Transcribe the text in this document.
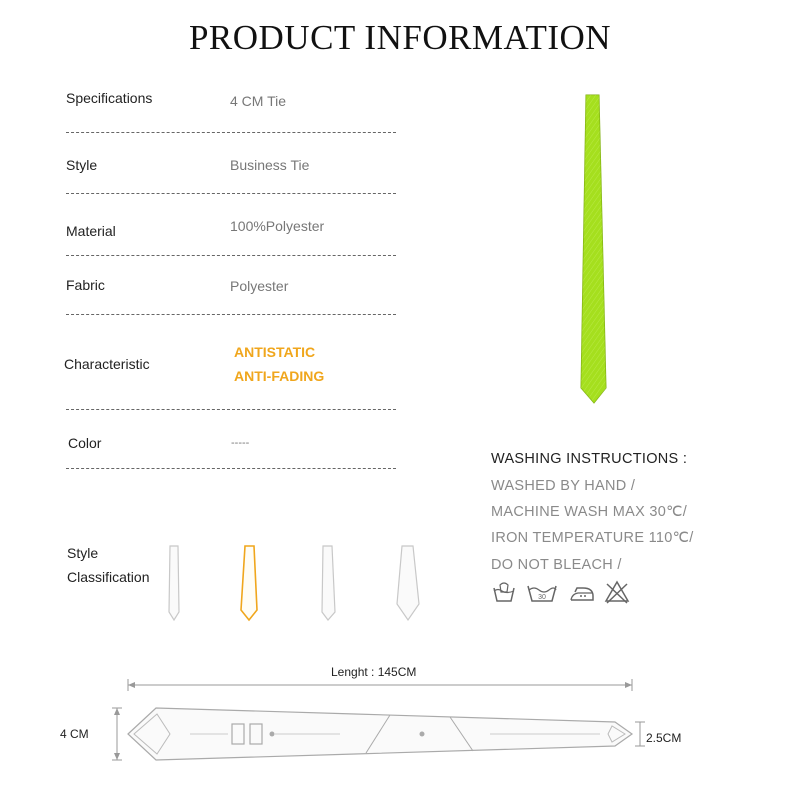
PRODUCT INFORMATION
Specifications	4 CM Tie
Style	Business Tie
Material	100%Polyester
Fabric	Polyester
Characteristic
ANTISTATIC
ANTI-FADING
Color	-----
WASHING INSTRUCTIONS :
WASHED BY HAND /
MACHINE WASH MAX 30℃/
IRON TEMPERATURE 110℃/
DO NOT BLEACH /
30
Style
Classification
Lenght : 145CM
4 CM	2.5CM
